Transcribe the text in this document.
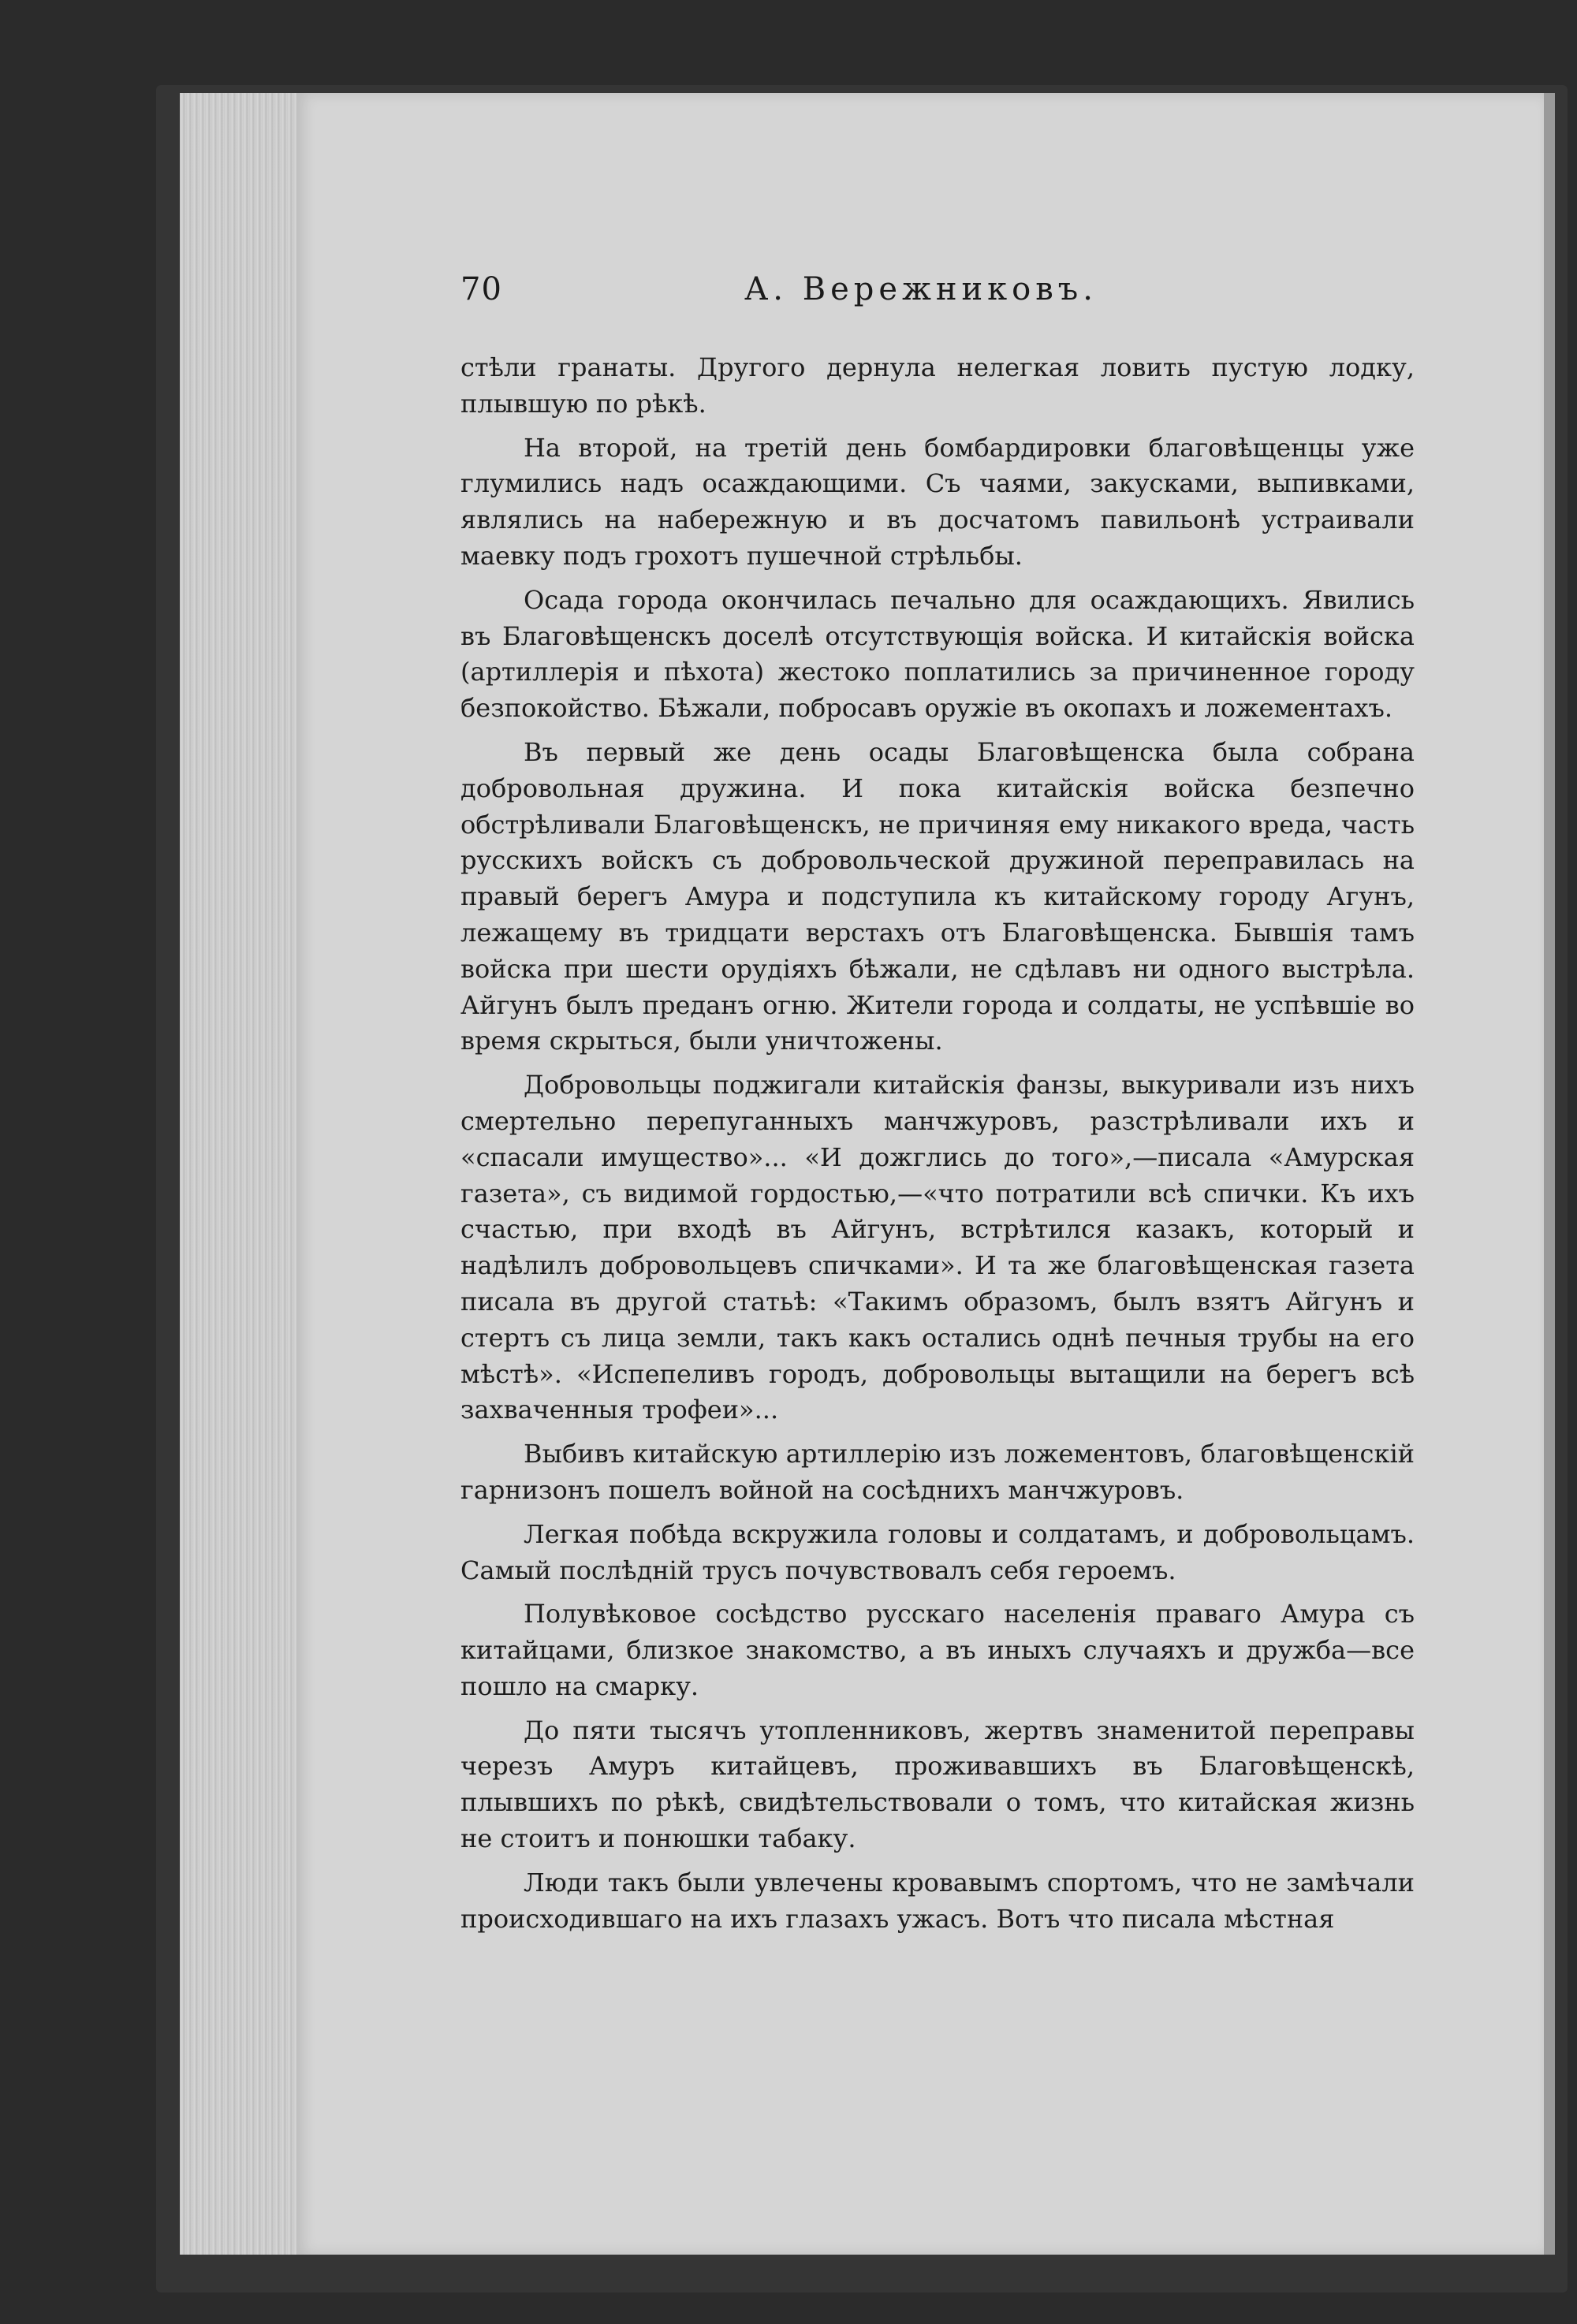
70	А. Вережниковъ.

стѣли гранаты. Другого дернула нелегкая ловить пустую лодку, плывшую по рѣкѣ.

На второй, на третій день бомбардировки благовѣщенцы уже глумились надъ осаждающими. Съ чаями, закусками, выпивками, являлись на набережную и въ досчатомъ павильонѣ устраивали маевку подъ грохотъ пушечной стрѣльбы.

Осада города окончилась печально для осаждающихъ. Явились въ Благовѣщенскъ доселѣ отсутствующія войска. И китайскія войска (артиллерія и пѣхота) жестоко поплатились за причиненное городу безпокойство. Бѣжали, побросавъ оружіе въ окопахъ и ложементахъ.

Въ первый же день осады Благовѣщенска была собрана добровольная дружина. И пока китайскія войска безпечно обстрѣливали Благовѣщенскъ, не причиняя ему никакого вреда, часть русскихъ войскъ съ добровольческой дружиной переправилась на правый берегъ Амура и подступила къ китайскому городу Агунъ, лежащему въ тридцати верстахъ отъ Благовѣщенска. Бывшія тамъ войска при шести орудіяхъ бѣжали, не сдѣлавъ ни одного выстрѣла. Айгунъ былъ преданъ огню. Жители города и солдаты, не успѣвшіе во время скрыться, были уничтожены.

Добровольцы поджигали китайскія фанзы, выкуривали изъ нихъ смертельно перепуганныхъ манчжуровъ, разстрѣливали ихъ и «спасали имущество»... «И дожглись до того»,—писала «Амурская газета», съ видимой гордостью,—«что потратили всѣ спички. Къ ихъ счастью, при входѣ въ Айгунъ, встрѣтился казакъ, который и надѣлилъ добровольцевъ спичками». И та же благовѣщенская газета писала въ другой статьѣ: «Такимъ образомъ, былъ взятъ Айгунъ и стертъ съ лица земли, такъ какъ остались однѣ печныя трубы на его мѣстѣ». «Испепеливъ городъ, добровольцы вытащили на берегъ всѣ захваченныя трофеи»...

Выбивъ китайскую артиллерію изъ ложементовъ, благовѣщенскій гарнизонъ пошелъ войной на сосѣднихъ манчжуровъ.

Легкая побѣда вскружила головы и солдатамъ, и добровольцамъ. Самый послѣдній трусъ почувствовалъ себя героемъ.

Полувѣковое сосѣдство русскаго населенія праваго Амура съ китайцами, близкое знакомство, а въ иныхъ случаяхъ и дружба—все пошло на смарку.

До пяти тысячъ утопленниковъ, жертвъ знаменитой переправы черезъ Амуръ китайцевъ, проживавшихъ въ Благовѣщенскѣ, плывшихъ по рѣкѣ, свидѣтельствовали о томъ, что китайская жизнь не стоитъ и понюшки табаку.

Люди такъ были увлечены кровавымъ спортомъ, что не замѣчали происходившаго на ихъ глазахъ ужасъ. Вотъ что писала мѣстная
